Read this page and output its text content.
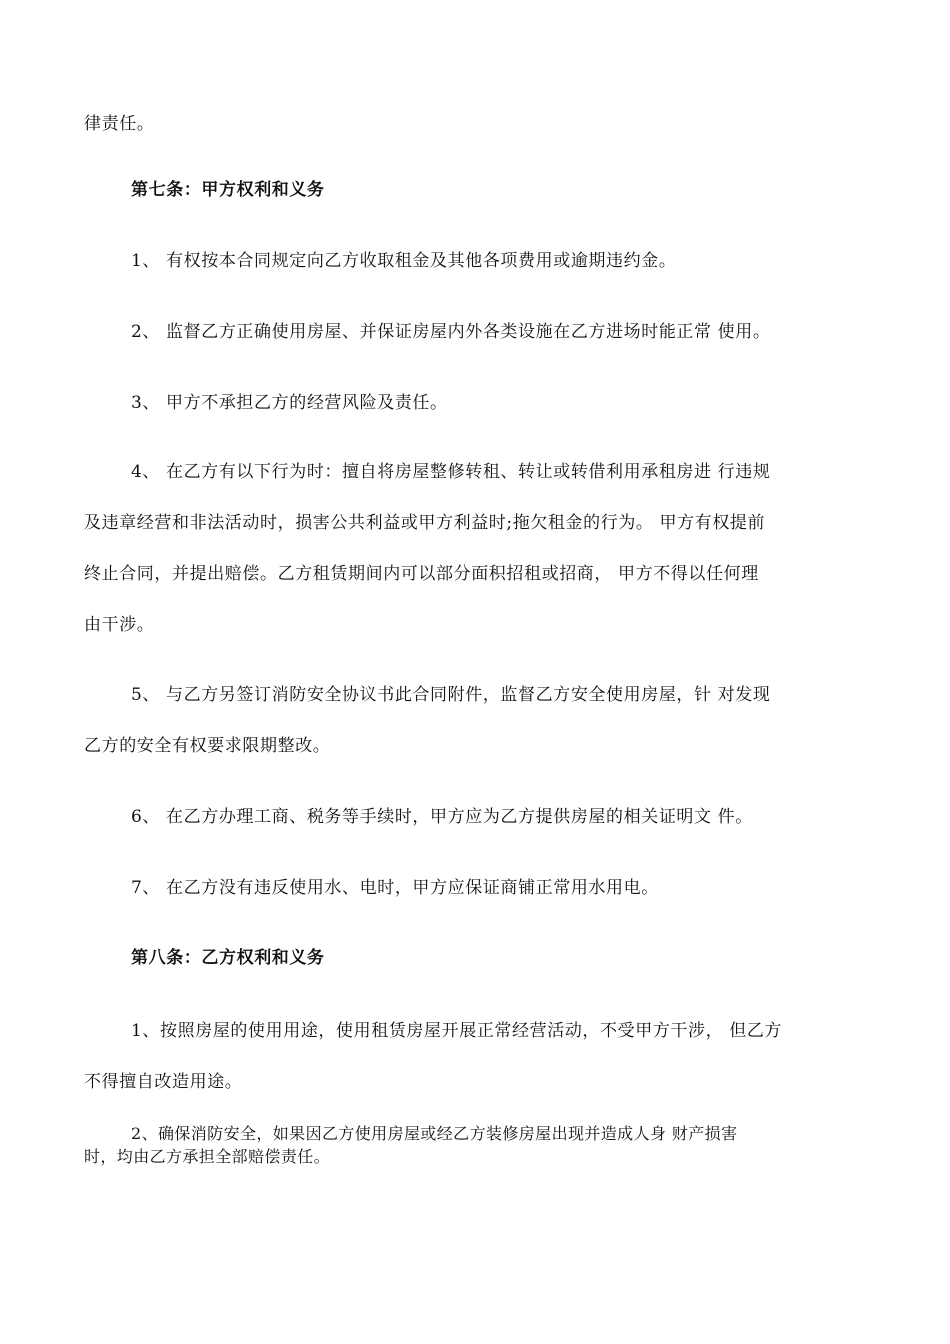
律责任。
第七条：甲方权利和义务
1、 有权按本合同规定向乙方收取租金及其他各项费用或逾期违约金。
2、 监督乙方正确使用房屋、并保证房屋内外各类设施在乙方进场时能正常 使用。
3、 甲方不承担乙方的经营风险及责任。
4、 在乙方有以下行为时：擅自将房屋整修转租、转让或转借利用承租房进 行违规
及违章经营和非法活动时，损害公共利益或甲方利益时;拖欠租金的行为。 甲方有权提前
终止合同，并提出赔偿。乙方租赁期间内可以部分面积招租或招商， 甲方不得以任何理
由干涉。
5、 与乙方另签订消防安全协议书此合同附件，监督乙方安全使用房屋，针 对发现
乙方的安全有权要求限期整改。
6、 在乙方办理工商、税务等手续时，甲方应为乙方提供房屋的相关证明文 件。
7、 在乙方没有违反使用水、电时，甲方应保证商铺正常用水用电。
第八条：乙方权利和义务
1、按照房屋的使用用途，使用租赁房屋开展正常经营活动，不受甲方干涉， 但乙方
不得擅自改造用途。
2、确保消防安全，如果因乙方使用房屋或经乙方装修房屋出现并造成人身 财产损害
时，均由乙方承担全部赔偿责任。
